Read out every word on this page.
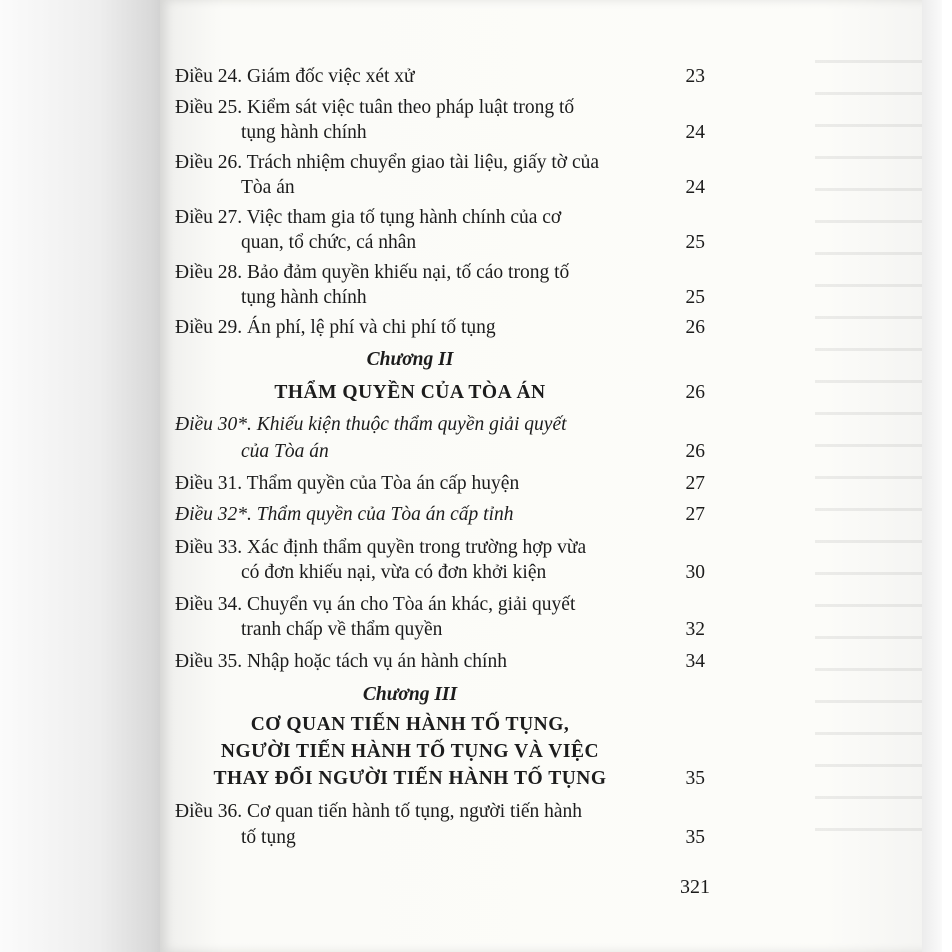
Điều 24. Giám đốc việc xét xử	23
Điều 25. Kiểm sát việc tuân theo pháp luật trong tố
tụng hành chính	24
Điều 26. Trách nhiệm chuyển giao tài liệu, giấy tờ của
Tòa án	24
Điều 27. Việc tham gia tố tụng hành chính của cơ
quan, tổ chức, cá nhân	25
Điều 28. Bảo đảm quyền khiếu nại, tố cáo trong tố
tụng hành chính	25
Điều 29. Án phí, lệ phí và chi phí tố tụng	26
Chương II
THẨM QUYỀN CỦA TÒA ÁN	26
Điều 30*. Khiếu kiện thuộc thẩm quyền giải quyết
của Tòa án	26
Điều 31. Thẩm quyền của Tòa án cấp huyện	27
Điều 32*. Thẩm quyền của Tòa án cấp tỉnh	27
Điều 33. Xác định thẩm quyền trong trường hợp vừa
có đơn khiếu nại, vừa có đơn khởi kiện	30
Điều 34. Chuyển vụ án cho Tòa án khác, giải quyết
tranh chấp về thẩm quyền	32
Điều 35. Nhập hoặc tách vụ án hành chính	34
Chương III
CƠ QUAN TIẾN HÀNH TỐ TỤNG,
NGƯỜI TIẾN HÀNH TỐ TỤNG VÀ VIỆC
THAY ĐỔI NGƯỜI TIẾN HÀNH TỐ TỤNG	35
Điều 36. Cơ quan tiến hành tố tụng, người tiến hành
tố tụng	35
321
